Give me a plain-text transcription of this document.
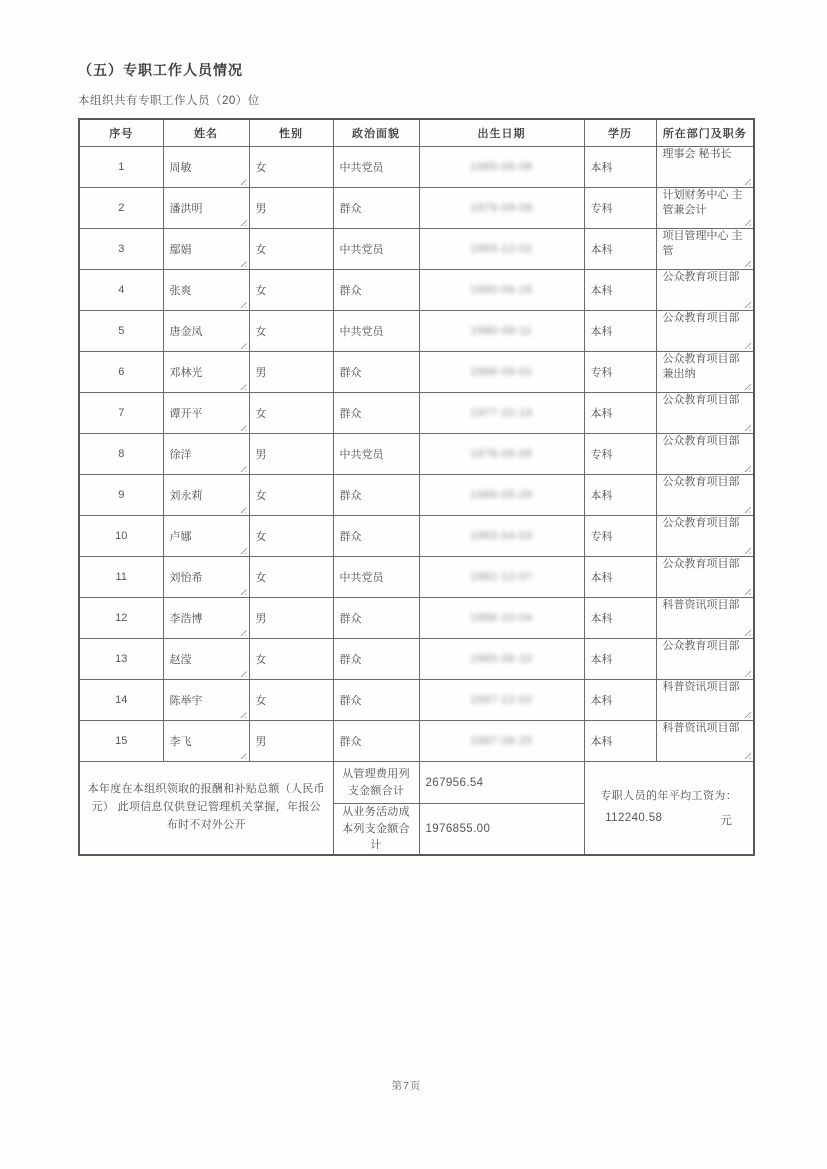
（五）专职工作人员情况

本组织共有专职工作人员（20）位

序号	姓名	性别	政治面貌	出生日期	学历	所在部门及职务
1	周敏	女	中共党员	1985-09-08	本科	理事会 秘书长

2	潘洪明	男	群众	1979-09-08	专科	计划财务中心 主管兼会计

3	鄢娟	女	中共党员	1983-12-02	本科	项目管理中心 主管

4	张爽	女	群众	1990-06-16	本科	公众教育项目部

5	唐金凤	女	中共党员	1980-08-11	本科	公众教育项目部

6	邓林光	男	群众	1986-09-01	专科	公众教育项目部兼出纳

7	谭开平	女	群众	1977-10-14	本科	公众教育项目部

8	徐洋	男	中共党员	1978-09-05	专科	公众教育项目部

9	刘永莉	女	群众	1986-05-29	本科	公众教育项目部

10	卢娜	女	群众	1983-04-03	专科	公众教育项目部

11	刘怡希	女	中共党员	1982-12-07	本科	公众教育项目部

12	李浩博	男	群众	1986-10-04	本科	科普资讯项目部

13	赵滢	女	群众	1985-06-10	本科	公众教育项目部

14	陈举宇	女	群众	1987-12-02	本科	科普资讯项目部

15	李飞	男	群众	1987-08-25	本科	科普资讯项目部

本年度在本组织领取的报酬和补贴总额（人民币元） 此项信息仅供登记管理机关掌握，年报公布时不对外公开			从管理费用列支金额合计	267956.54	专职人员的年平均工资为：
112240.58 元	

			从业务活动成本列支金额合计	1976855.00		
第7页
